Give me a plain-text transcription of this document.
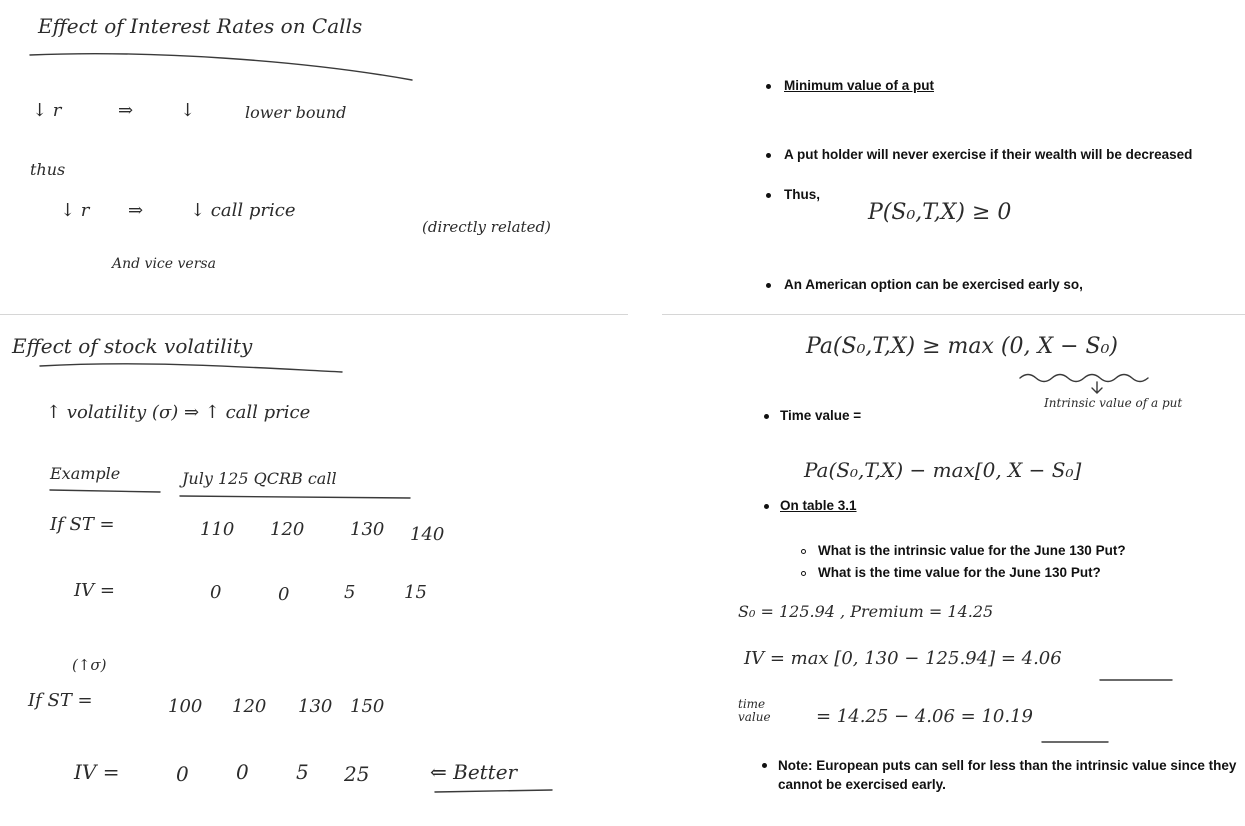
Effect of Interest Rates on Calls
↓ r	⇒	↓	lower bound
thus
↓ r ⇒	↓ call price
(directly related)
And vice versa
Minimum value of a put
A put holder will never exercise if their wealth will be decreased
Thus,
P(S₀,T,X) ≥ 0
An American option can be exercised early so,
Effect of stock volatility
↑ volatility (σ) ⇒ ↑ call price
Example	July 125 QCRB call
If ST =	110 120	130 140
IV =	0	0	5	15
(↑σ)
If ST =	100 120 130 150
IV =	0 0 5 25	⇐ Better
Pa(S₀,T,X) ≥ max (0, X − S₀)
Intrinsic value of a put
Time value =
Pa(S₀,T,X) − max[0, X − S₀]
On table 3.1
What is the intrinsic value for the June 130 Put?
What is the time value for the June 130 Put?
S₀ = 125.94 , Premium = 14.25
IV = max [0, 130 − 125.94] = 4.06
time value	= 14.25 − 4.06 = 10.19
Note: European puts can sell for less than the intrinsic value since they cannot be exercised early.
